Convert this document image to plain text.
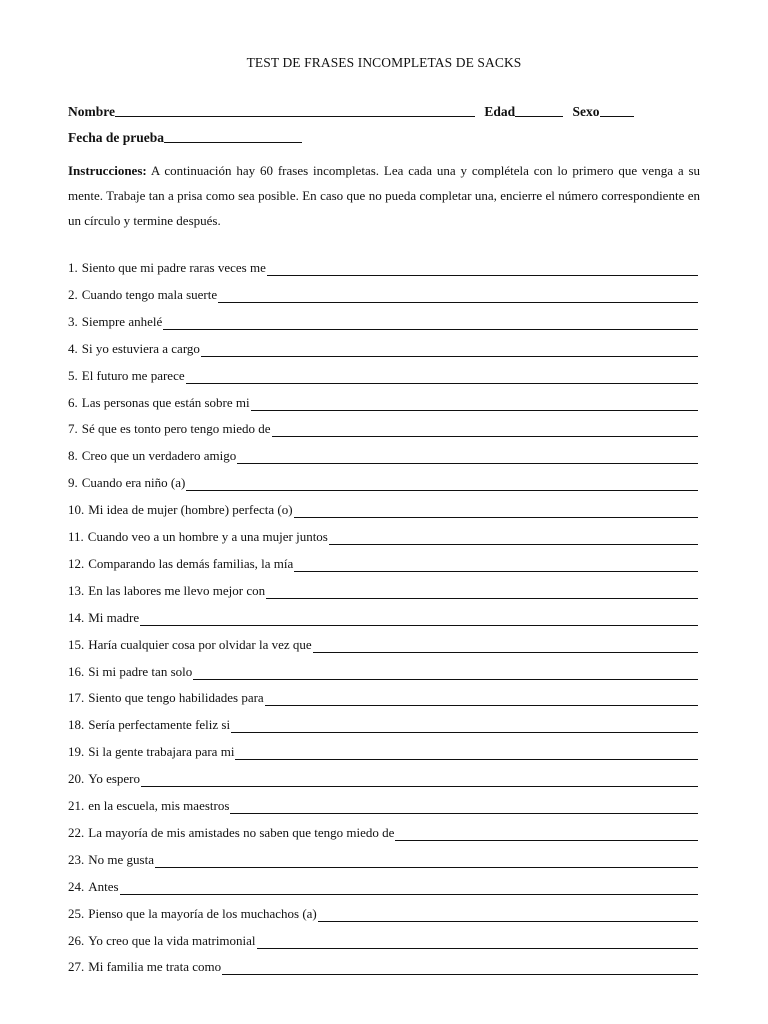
TEST DE FRASES INCOMPLETAS DE SACKS
Nombre	Edad	Sexo
Fecha de prueba
Instrucciones: A continuación hay 60 frases incompletas. Lea cada una y complétela con lo primero que venga a su mente. Trabaje tan a prisa como sea posible. En caso que no pueda completar una, encierre el número correspondiente en un círculo y termine después.
1. Siento que mi padre raras veces me
2. Cuando tengo mala suerte
3. Siempre anhelé
4. Si yo estuviera a cargo
5. El futuro me parece
6. Las personas que están sobre mi
7. Sé que es tonto pero tengo miedo de
8. Creo que un verdadero amigo
9. Cuando era niño (a)
10. Mi idea de mujer (hombre) perfecta (o)
11. Cuando veo a un hombre y a una mujer juntos
12. Comparando las demás familias, la mía
13. En las labores me llevo mejor con
14. Mi madre
15. Haría cualquier cosa por olvidar la vez que
16. Si mi padre tan solo
17. Siento que tengo habilidades para
18. Sería perfectamente feliz si
19. Si la gente trabajara para mi
20. Yo espero
21. en la escuela, mis maestros
22. La mayoría de mis amistades no saben que tengo miedo de
23. No me gusta
24. Antes
25. Pienso que la mayoría de los muchachos (a)
26. Yo creo que la vida matrimonial
27. Mi familia me trata como
